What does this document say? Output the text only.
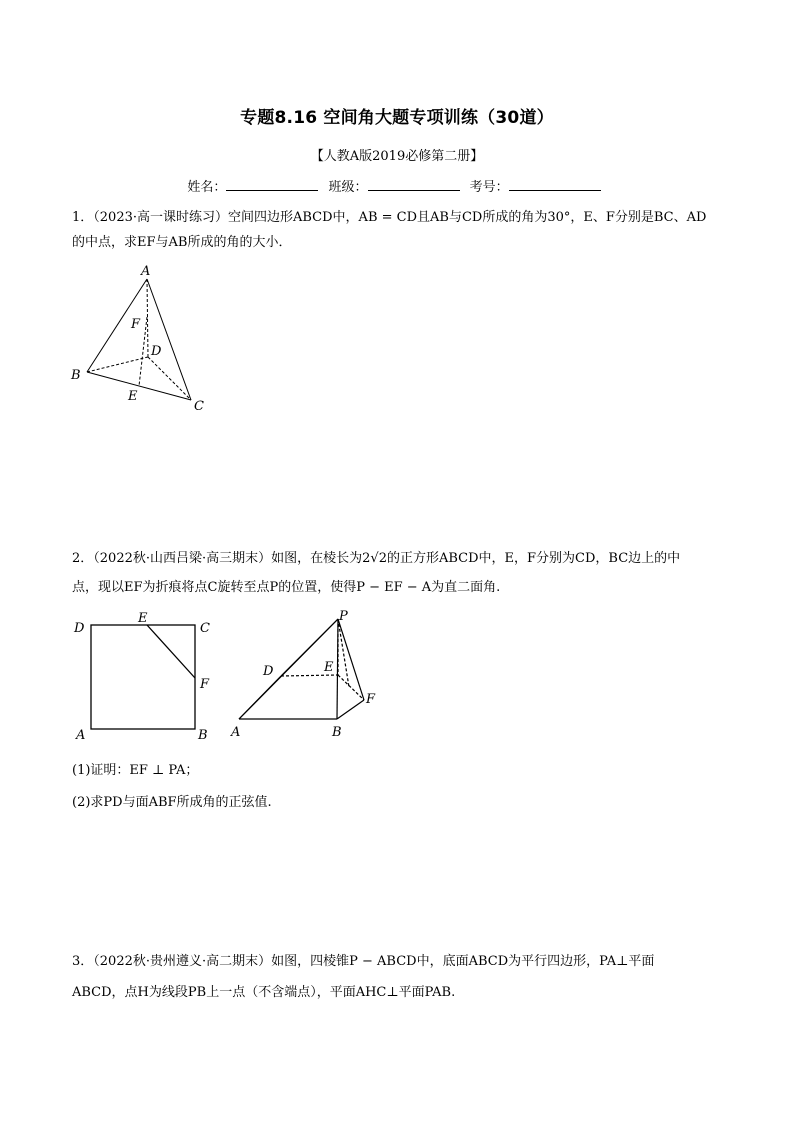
专题8.16 空间角大题专项训练（30道）
【人教A版2019必修第二册】
姓名：	班级：	考号：
1．（2023·高一课时练习）空间四边形ABCD中，AB = CD且AB与CD所成的角为30°，E、F分别是BC、AD
的中点，求EF与AB所成的角的大小．
A
F
D
B
E
C
2．（2022秋·山西吕梁·高三期末）如图，在棱长为2√2的正方形ABCD中，E，F分别为CD，BC边上的中
点，现以EF为折痕将点C旋转至点P的位置，使得P − EF − A为直二面角.
D
E
C
F
A	B
P
D	E
F
A	B
(1)证明：EF ⊥ PA；
(2)求PD与面ABF所成角的正弦值.
3．（2022秋·贵州遵义·高二期末）如图，四棱锥P − ABCD中，底面ABCD为平行四边形，PA⊥平面
ABCD，点H为线段PB上一点（不含端点），平面AHC⊥平面PAB.
